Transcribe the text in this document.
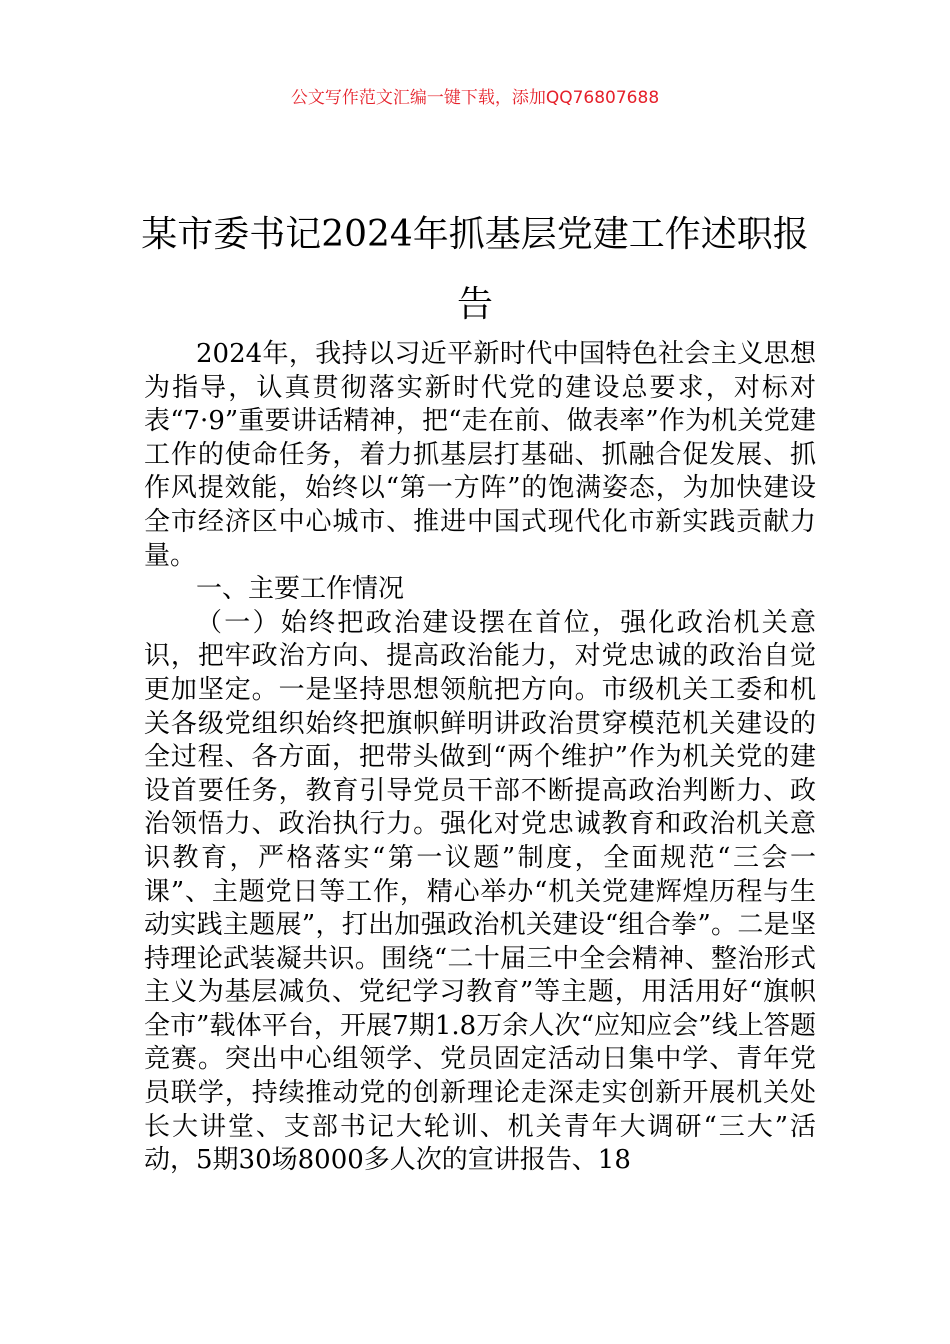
公文写作范文汇编一键下载，添加QQ76807688
某市委书记2024年抓基层党建工作述职报告

2024年，我持以习近平新时代中国特色社会主义思想为指导，认真贯彻落实新时代党的建设总要求，对标对表“7·9”重要讲话精神，把“走在前、做表率”作为机关党建工作的使命任务，着力抓基层打基础、抓融合促发展、抓作风提效能，始终以“第一方阵”的饱满姿态，为加快建设全市经济区中心城市、推进中国式现代化市新实践贡献力量。

一、主要工作情况

（一）始终把政治建设摆在首位，强化政治机关意识，把牢政治方向、提高政治能力，对党忠诚的政治自觉更加坚定。一是坚持思想领航把方向。市级机关工委和机关各级党组织始终把旗帜鲜明讲政治贯穿模范机关建设的全过程、各方面，把带头做到“两个维护”作为机关党的建设首要任务，教育引导党员干部不断提高政治判断力、政治领悟力、政治执行力。强化对党忠诚教育和政治机关意识教育，严格落实“第一议题”制度，全面规范“三会一课”、主题党日等工作，精心举办“机关党建辉煌历程与生动实践主题展”，打出加强政治机关建设“组合拳”。二是坚持理论武装凝共识。围绕“二十届三中全会精神、整治形式主义为基层减负、党纪学习教育”等主题，用活用好“旗帜全市”载体平台，开展7期1.8万余人次“应知应会”线上答题竞赛。突出中心组领学、党员固定活动日集中学、青年党员联学，持续推动党的创新理论走深走实创新开展机关处长大讲堂、支部书记大轮训、机关青年大调研“三大”活动，5期30场8000多人次的宣讲报告、18
